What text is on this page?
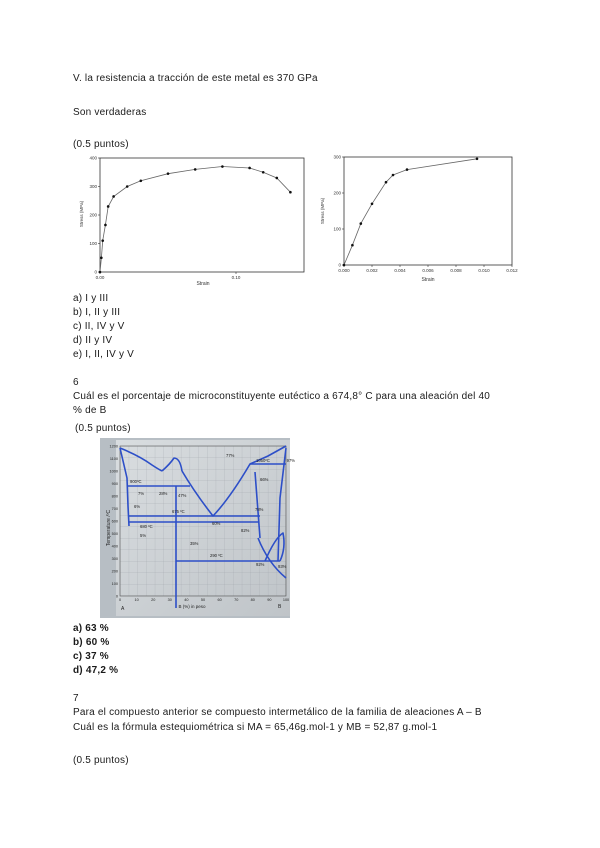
V. la resistencia a tracción de este metal es 370 GPa
Son verdaderas
(0.5 puntos)
0
100
200
300
400
0.00	0.10
Strain
Stress (MPa)
0
100
200
300
0.000	0.002	0.004	0.006	0.008	0.010	0.012
Strain
Stress (MPa)
a) I y III
b) I, II y III
c) II, IV y V
d) II y IV
e) I, II, IV y V
6
Cuál es el porcentaje de microconstituyente eutéctico a 674,8° C para una aleación del 40
% de B
(0.5 puntos)
1200
1100
1000
900
800
700
600
500
400
300
200
100
0
0	10	20	30	40	50	60	70	80	90	100
Temperature /ºC
B (%) in peso
A	B
900ºC
7%	28%	47%
6%
675 ºC
680 ºC
5%
35%
60%
78%
82%
290 ºC
92%	93%
77%
1050ºC
66%
97%
a) 63 %
b) 60 %
c) 37 %
d) 47,2 %
7
Para el compuesto anterior se compuesto intermetálico de la familia de aleaciones A – B
Cuál es la fórmula estequiométrica si MA = 65,46g.mol-1 y MB = 52,87 g.mol-1
(0.5 puntos)
